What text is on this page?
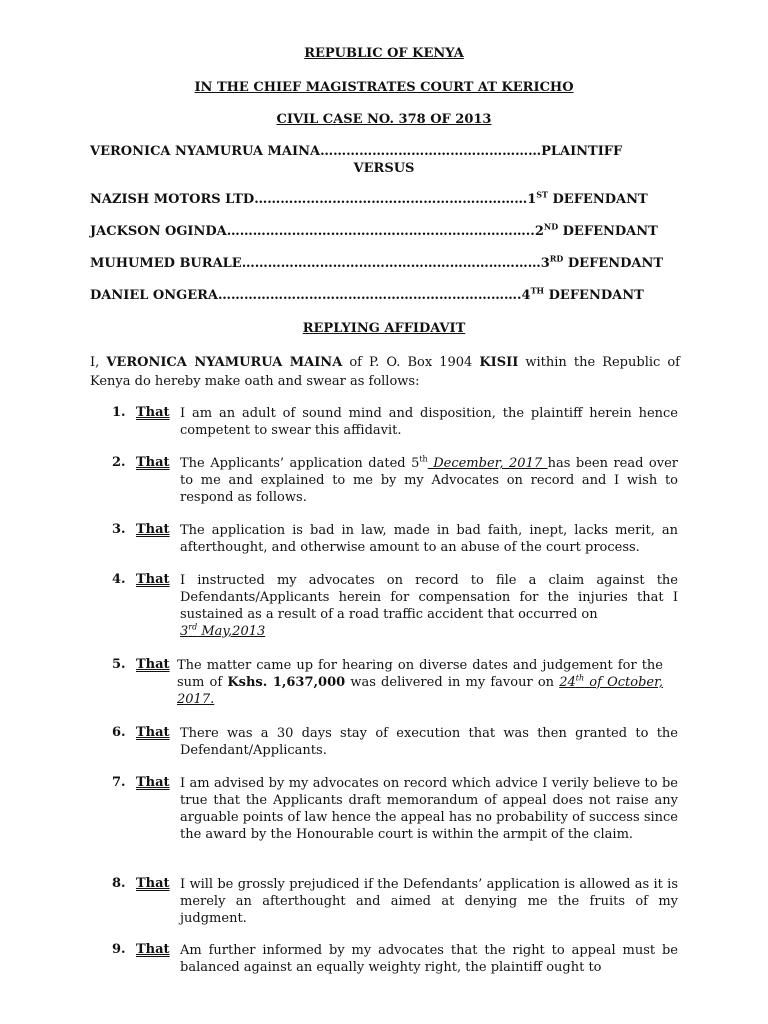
REPUBLIC OF KENYA
IN THE CHIEF MAGISTRATES COURT AT KERICHO
CIVIL CASE NO. 378 OF 2013
VERONICA NYAMURUA MAINA……………………………………………PLAINTIFF
VERSUS
NAZISH MOTORS LTD………………………………………………………1ST DEFENDANT
JACKSON OGINDA……………………………………………………………..2ND DEFENDANT
MUHUMED BURALE……………………………………………………………3RD DEFENDANT
DANIEL ONGERA…………………………………………………………….4TH DEFENDANT
REPLYING AFFIDAVIT
I, VERONICA NYAMURUA MAINA of P. O. Box 1904 KISII within the Republic of Kenya do hereby make oath and swear as follows:
1. That I am an adult of sound mind and disposition, the plaintiff herein hence competent to swear this affidavit.
2. That The Applicants’ application dated 5th December, 2017 has been read over to me and explained to me by my Advocates on record and I wish to respond as follows.
3. That The application is bad in law, made in bad faith, inept, lacks merit, an afterthought, and otherwise amount to an abuse of the court process.
4. That I instructed my advocates on record to file a claim against the Defendants/Applicants herein for compensation for the injuries that I sustained as a result of a road traffic accident that occurred on
3rd May,2013
5. That The matter came up for hearing on diverse dates and judgement for the sum of Kshs. 1,637,000 was delivered in my favour on 24th of October, 2017.
6. That There was a 30 days stay of execution that was then granted to the Defendant/Applicants.
7. That I am advised by my advocates on record which advice I verily believe to be true that the Applicants draft memorandum of appeal does not raise any arguable points of law hence the appeal has no probability of success since the award by the Honourable court is within the armpit of the claim.
8. That I will be grossly prejudiced if the Defendants’ application is allowed as it is merely an afterthought and aimed at denying me the fruits of my judgment.
9. That Am further informed by my advocates that the right to appeal must be balanced against an equally weighty right, the plaintiff ought to
